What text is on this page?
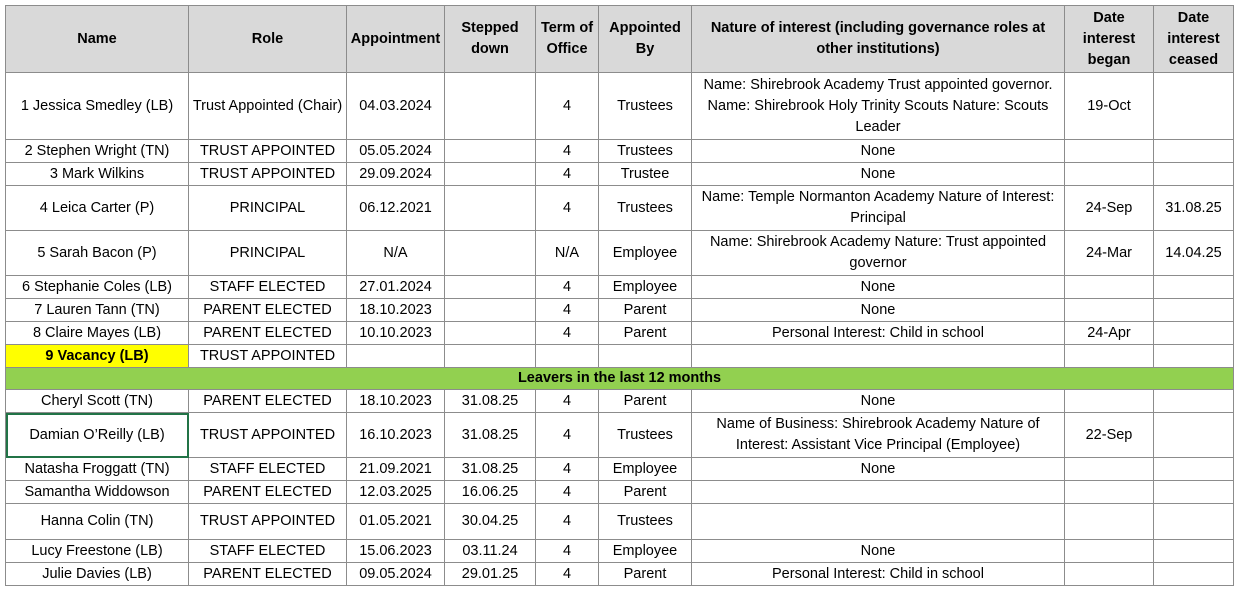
Name	Role	Appointment	Stepped down	Term of Office	Appointed By	Nature of interest (including governance roles at other institutions)	Date interest began	Date interest ceased
1 Jessica Smedley (LB)	Trust Appointed (Chair)	04.03.2024		4	Trustees	Name: Shirebrook Academy Trust appointed governor. Name: Shirebrook Holy Trinity Scouts Nature: Scouts Leader	19-Oct	
2 Stephen Wright (TN)	TRUST APPOINTED	05.05.2024		4	Trustees	None		
3 Mark Wilkins	TRUST APPOINTED	29.09.2024		4	Trustee	None		
4 Leica Carter (P)	PRINCIPAL	06.12.2021		4	Trustees	Name: Temple Normanton Academy Nature of Interest: Principal	24-Sep	31.08.25
5 Sarah Bacon (P)	PRINCIPAL	N/A		N/A	Employee	Name: Shirebrook Academy Nature: Trust appointed governor	24-Mar	14.04.25
6 Stephanie Coles (LB)	STAFF ELECTED	27.01.2024		4	Employee	None		
7 Lauren Tann (TN)	PARENT ELECTED	18.10.2023		4	Parent	None		
8 Claire Mayes (LB)	PARENT ELECTED	10.10.2023		4	Parent	Personal Interest: Child in school	24-Apr	
9 Vacancy (LB)	TRUST APPOINTED							
Leavers in the last 12 months								
Cheryl Scott (TN)	PARENT ELECTED	18.10.2023	31.08.25	4	Parent	None		
Damian O’Reilly (LB)	TRUST APPOINTED	16.10.2023	31.08.25	4	Trustees	Name of Business: Shirebrook Academy Nature of Interest: Assistant Vice Principal (Employee)	22-Sep	
Natasha Froggatt (TN)	STAFF ELECTED	21.09.2021	31.08.25	4	Employee	None		
Samantha Widdowson	PARENT ELECTED	12.03.2025	16.06.25	4	Parent			
Hanna Colin (TN)	TRUST APPOINTED	01.05.2021	30.04.25	4	Trustees			
Lucy Freestone (LB)	STAFF ELECTED	15.06.2023	03.11.24	4	Employee	None		
Julie Davies (LB)	PARENT ELECTED	09.05.2024	29.01.25	4	Parent	Personal Interest: Child in school		
